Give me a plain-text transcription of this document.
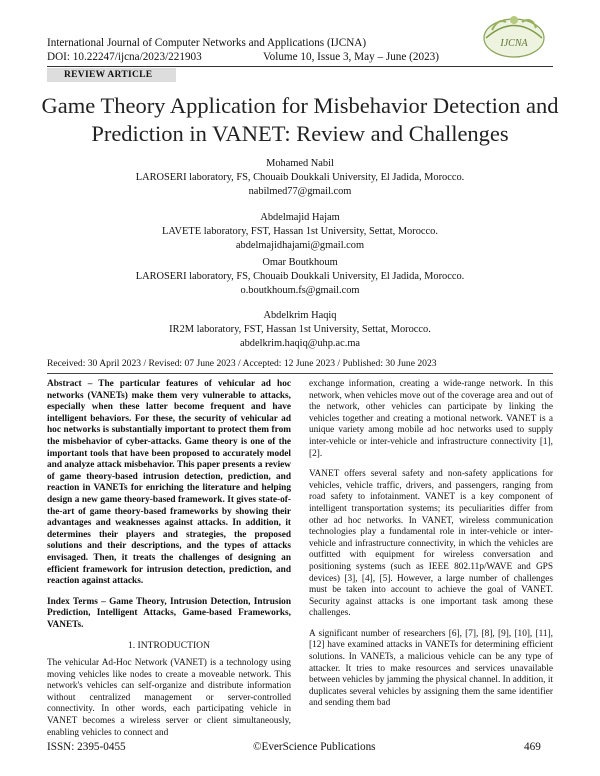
International Journal of Computer Networks and Applications (IJCNA)
DOI: 10.22247/ijcna/2023/221903	Volume 10, Issue 3, May – June (2023)
IJCNA
REVIEW ARTICLE
Game Theory Application for Misbehavior Detection and Prediction in VANET: Review and Challenges
Mohamed Nabil
LAROSERI laboratory, FS, Chouaib Doukkali University, El Jadida, Morocco.
nabilmed77@gmail.com
Abdelmajid Hajam
LAVETE laboratory, FST, Hassan 1st University, Settat, Morocco.
abdelmajidhajami@gmail.com
Omar Boutkhoum
LAROSERI laboratory, FS, Chouaib Doukkali University, El Jadida, Morocco.
o.boutkhoum.fs@gmail.com
Abdelkrim Haqiq
IR2M laboratory, FST, Hassan 1st University, Settat, Morocco.
abdelkrim.haqiq@uhp.ac.ma
Received: 30 April 2023 / Revised: 07 June 2023 / Accepted: 12 June 2023 / Published: 30 June 2023

Abstract – The particular features of vehicular ad hoc networks (VANETs) make them very vulnerable to attacks, especially when these latter become frequent and have intelligent behaviors. For these, the security of vehicular ad hoc networks is substantially important to protect them from the misbehavior of cyber-attacks. Game theory is one of the important tools that have been proposed to accurately model and analyze attack misbehavior. This paper presents a review of game theory-based intrusion detection, prediction, and reaction in VANETs for enriching the literature and helping design a new game theory-based framework. It gives state-of-the-art of game theory-based frameworks by showing their advantages and weaknesses against attacks. In addition, it determines their players and strategies, the proposed solutions and their descriptions, and the types of attacks envisaged. Then, it treats the challenges of designing an efficient framework for intrusion detection, prediction, and reaction against attacks.

Index Terms – Game Theory, Intrusion Detection, Intrusion Prediction, Intelligent Attacks, Game-based Frameworks, VANETs.

1. INTRODUCTION

The vehicular Ad-Hoc Network (VANET) is a technology using moving vehicles like nodes to create a moveable network. This network's vehicles can self-organize and distribute information without centralized management or server-controlled connectivity. In other words, each participating vehicle in VANET becomes a wireless server or client simultaneously, enabling vehicles to connect and

exchange information, creating a wide-range network. In this network, when vehicles move out of the coverage area and out of the network, other vehicles can participate by linking the vehicles together and creating a motional network. VANET is a unique variety among mobile ad hoc networks used to supply inter-vehicle or inter-vehicle and infrastructure connectivity [1], [2].

VANET offers several safety and non-safety applications for vehicles, vehicle traffic, drivers, and passengers, ranging from road safety to infotainment. VANET is a key component of intelligent transportation systems; its peculiarities differ from other ad hoc networks. In VANET, wireless communication technologies play a fundamental role in inter-vehicle or inter-vehicle and infrastructure connectivity, in which the vehicles are outfitted with equipment for wireless conversation and positioning systems (such as IEEE 802.11p/WAVE and GPS devices) [3], [4], [5]. However, a large number of challenges must be taken into account to achieve the goal of VANET. Security against attacks is one important task among these challenges.

A significant number of researchers [6], [7], [8], [9], [10], [11], [12] have examined attacks in VANETs for determining efficient solutions. In VANETs, a malicious vehicle can be any type of attacker. It tries to make resources and services unavailable between vehicles by jamming the physical channel. In addition, it duplicates several vehicles by assigning them the same identifier and sending them bad

ISSN: 2395-0455	©EverScience Publications	469
